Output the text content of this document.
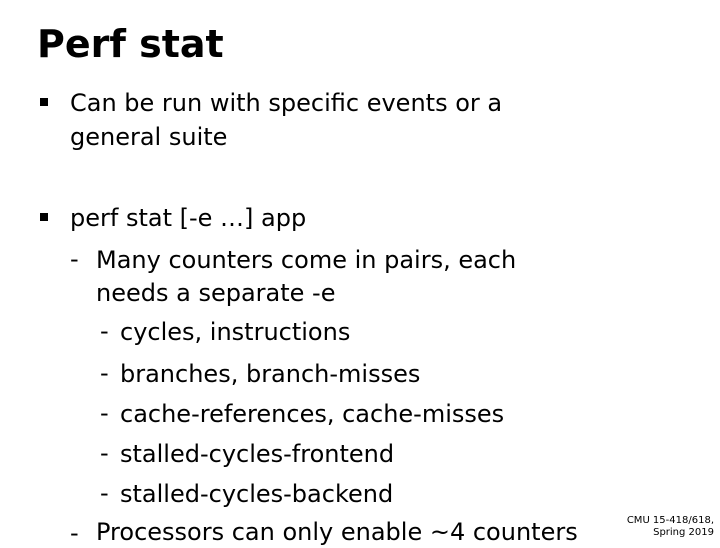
Perf stat

Can be run with specific events or a

general suite

perf stat [-e …] app

- Many counters come in pairs, each

needs a separate -e

- cycles, instructions

- branches, branch-misses

- cache-references, cache-misses

- stalled-cycles-frontend

- stalled-cycles-backend

- Processors can only enable ~4 counters	CMU 15-418/618,
Spring 2019
